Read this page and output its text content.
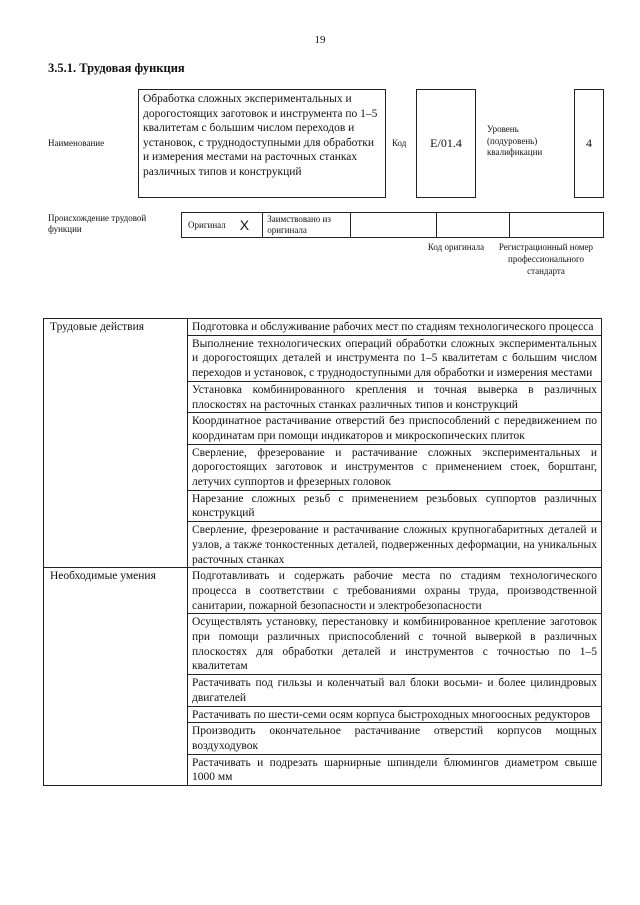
19
3.5.1. Трудовая функция
Наименование
Обработка сложных экспериментальных и дорогостоящих заготовок и инструмента по 1–5 квалитетам с большим числом переходов и установок, с труднодоступными для обработки и измерения местами на расточных станках различных типов и конструкций
Код	E/01.4
Уровень (подуровень) квалификации
4
Происхождение трудовой функции	Оригинал X	Заимствовано из оригинала
Код оригинала	Регистрационный номер профессионального стандарта
Трудовые действия	Подготовка и обслуживание рабочих мест по стадиям технологического процесса
	Выполнение технологических операций обработки сложных экспериментальных и дорогостоящих деталей и инструмента по 1–5 квалитетам с большим числом переходов и установок, с труднодоступными для обработки и измерения местами
	Установка комбинированного крепления и точная выверка в различных плоскостях на расточных станках различных типов и конструкций
	Координатное растачивание отверстий без приспособлений с передвижением по координатам при помощи индикаторов и микроскопических плиток
	Сверление, фрезерование и растачивание сложных экспериментальных и дорогостоящих заготовок и инструментов с применением стоек, борштанг, летучих суппортов и фрезерных головок
	Нарезание сложных резьб с применением резьбовых суппортов различных конструкций
	Сверление, фрезерование и растачивание сложных крупногабаритных деталей и узлов, а также тонкостенных деталей, подверженных деформации, на уникальных расточных станках
Необходимые умения	Подготавливать и содержать рабочие места по стадиям технологического процесса в соответствии с требованиями охраны труда, производственной санитарии, пожарной безопасности и электробезопасности
	Осуществлять установку, перестановку и комбинированное крепление заготовок при помощи различных приспособлений с точной выверкой в различных плоскостях для обработки деталей и инструментов с точностью по 1–5 квалитетам
	Растачивать под гильзы и коленчатый вал блоки восьми- и более цилиндровых двигателей
	Растачивать по шести-семи осям корпуса быстроходных многоосных редукторов
	Производить окончательное растачивание отверстий корпусов мощных воздуходувок
	Растачивать и подрезать шарнирные шпиндели блюмингов диаметром свыше 1000 мм
